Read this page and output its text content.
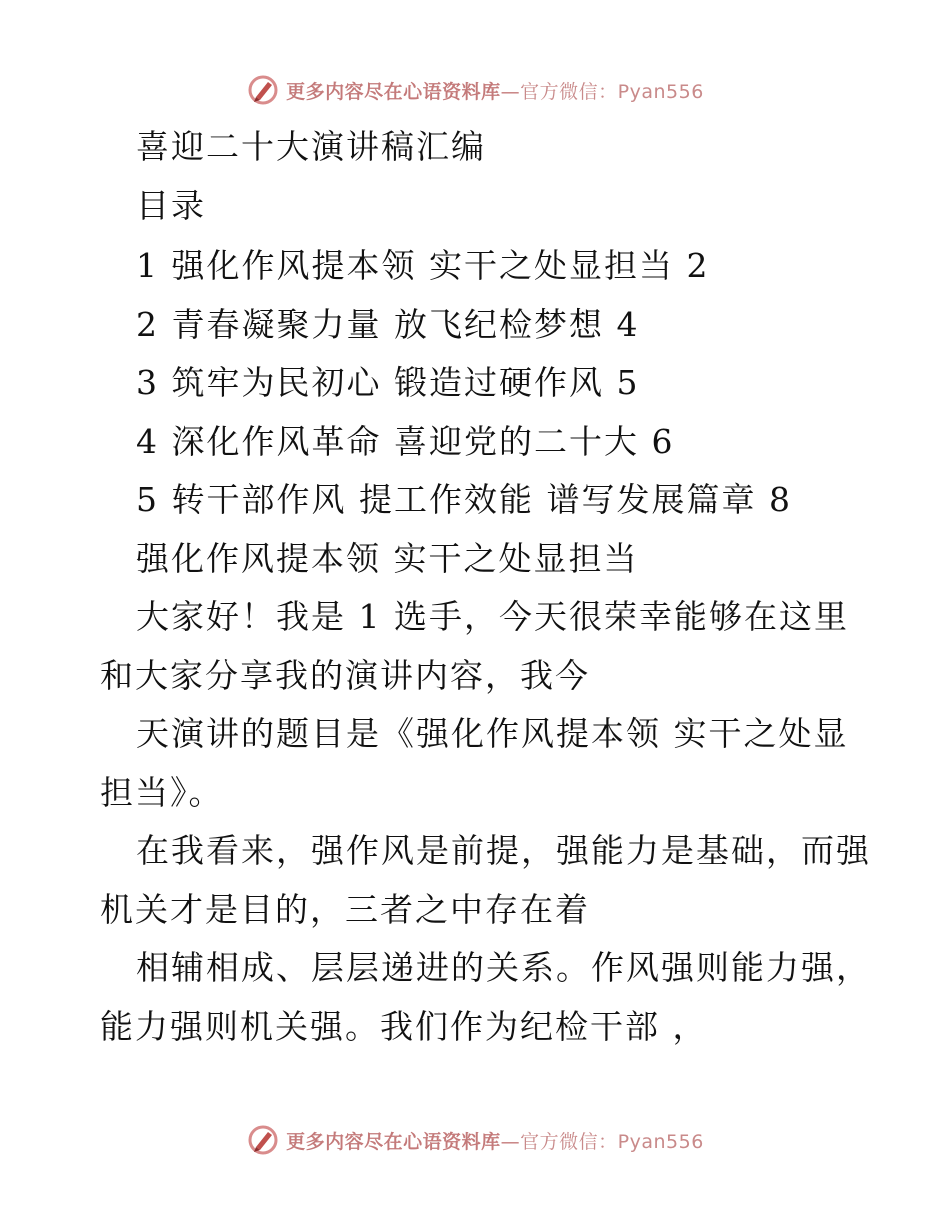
更多内容尽在心语资料库—官方微信：Pyan556
喜迎二十大演讲稿汇编
目录
1 强化作风提本领 实干之处显担当 2
2 青春凝聚力量 放飞纪检梦想 4
3 筑牢为民初心 锻造过硬作风 5
4 深化作风革命 喜迎党的二十大 6
5 转干部作风 提工作效能 谱写发展篇章 8
强化作风提本领 实干之处显担当
大家好！我是 1 选手，今天很荣幸能够在这里
和大家分享我的演讲内容，我今
天演讲的题目是《强化作风提本领 实干之处显
担当》。
在我看来，强作风是前提，强能力是基础，而强
机关才是目的，三者之中存在着
相辅相成、层层递进的关系。作风强则能力强，
能力强则机关强。我们作为纪检干部 ，
更多内容尽在心语资料库—官方微信：Pyan556
